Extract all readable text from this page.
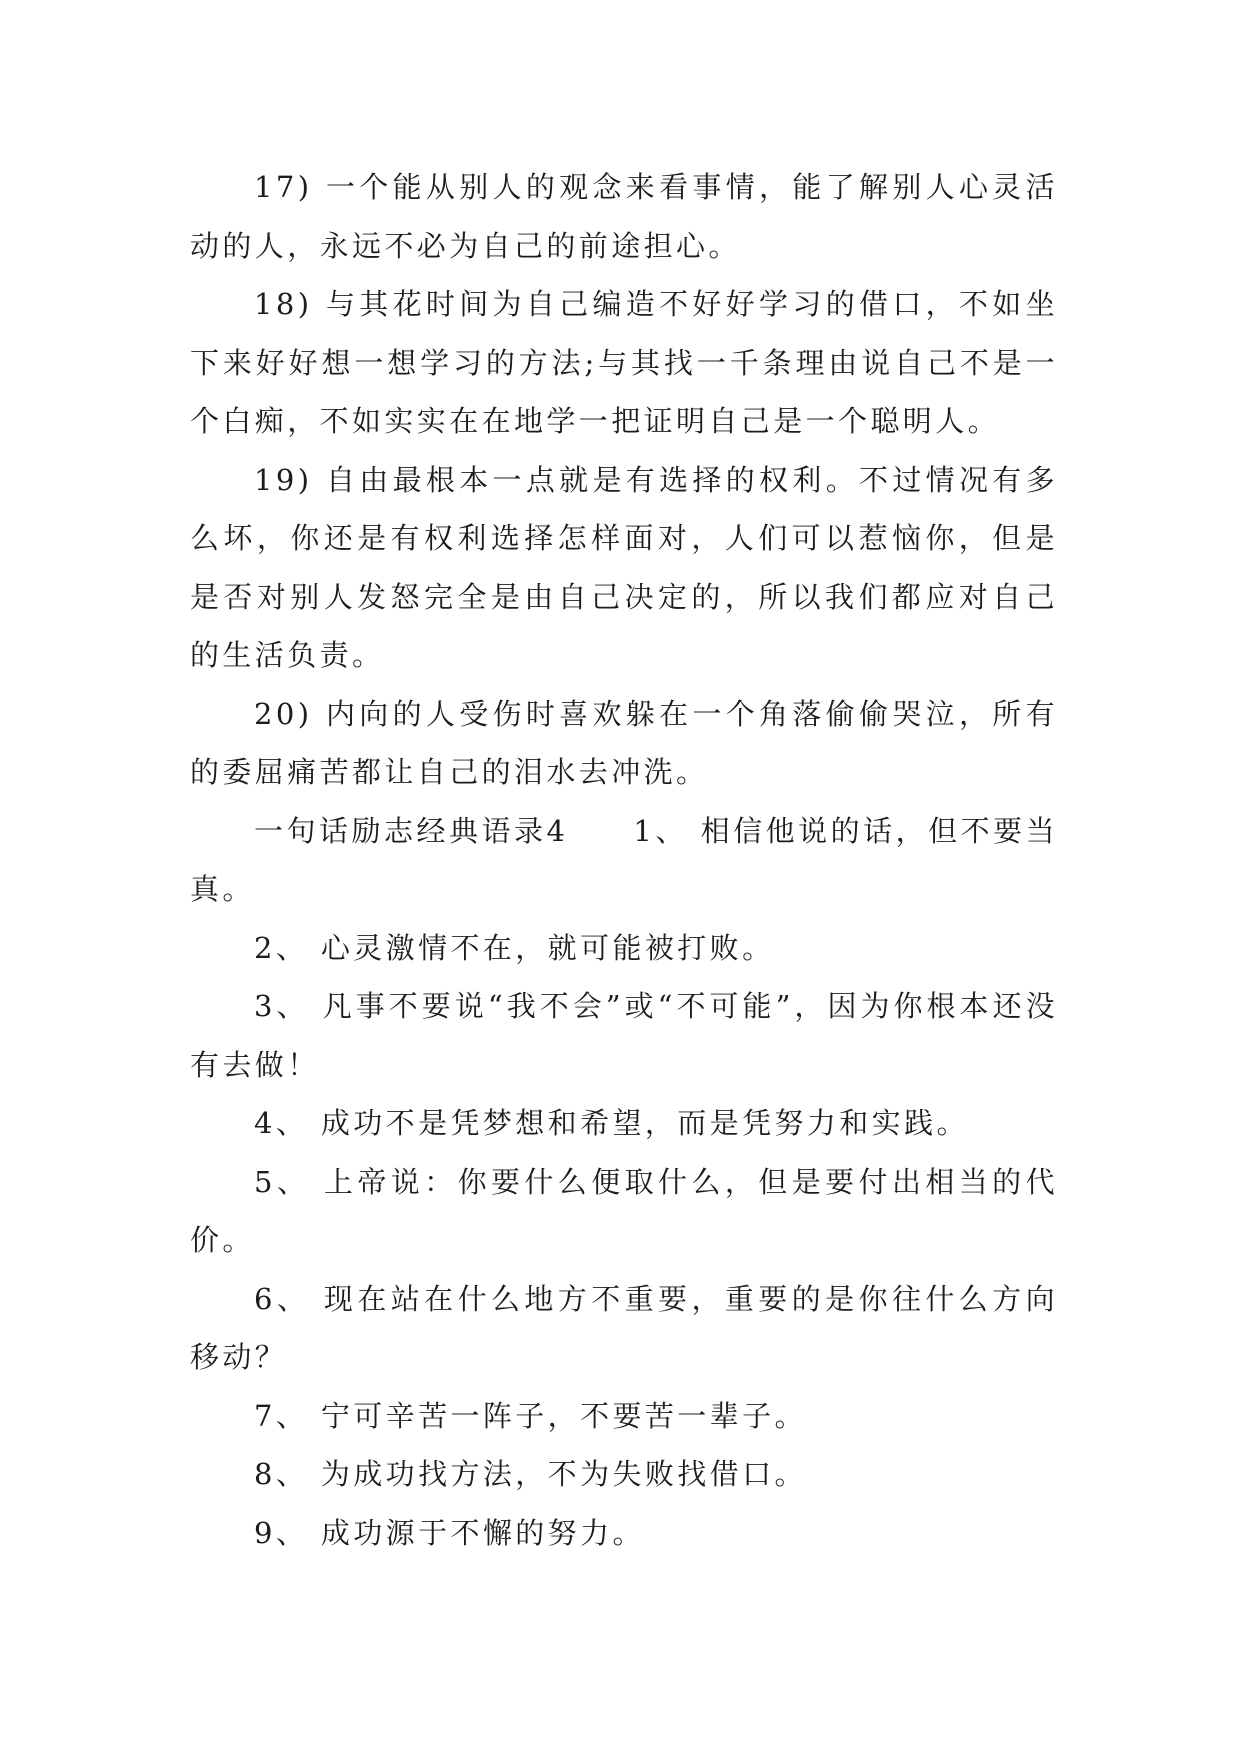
17) 一个能从别人的观念来看事情，能了解别人心灵活动的人，永远不必为自己的前途担心。

18) 与其花时间为自己编造不好好学习的借口，不如坐下来好好想一想学习的方法;与其找一千条理由说自己不是一个白痴，不如实实在在地学一把证明自己是一个聪明人。

19) 自由最根本一点就是有选择的权利。不过情况有多么坏，你还是有权利选择怎样面对，人们可以惹恼你，但是是否对别人发怒完全是由自己决定的，所以我们都应对自己的生活负责。

20) 内向的人受伤时喜欢躲在一个角落偷偷哭泣，所有的委屈痛苦都让自己的泪水去冲洗。

一句话励志经典语录4　　1、 相信他说的话，但不要当真。

2、 心灵激情不在，就可能被打败。

3、 凡事不要说“我不会”或“不可能”，因为你根本还没有去做！

4、 成功不是凭梦想和希望，而是凭努力和实践。

5、 上帝说：你要什么便取什么，但是要付出相当的代价。

6、 现在站在什么地方不重要，重要的是你往什么方向移动？

7、 宁可辛苦一阵子，不要苦一辈子。

8、 为成功找方法，不为失败找借口。

9、 成功源于不懈的努力。
